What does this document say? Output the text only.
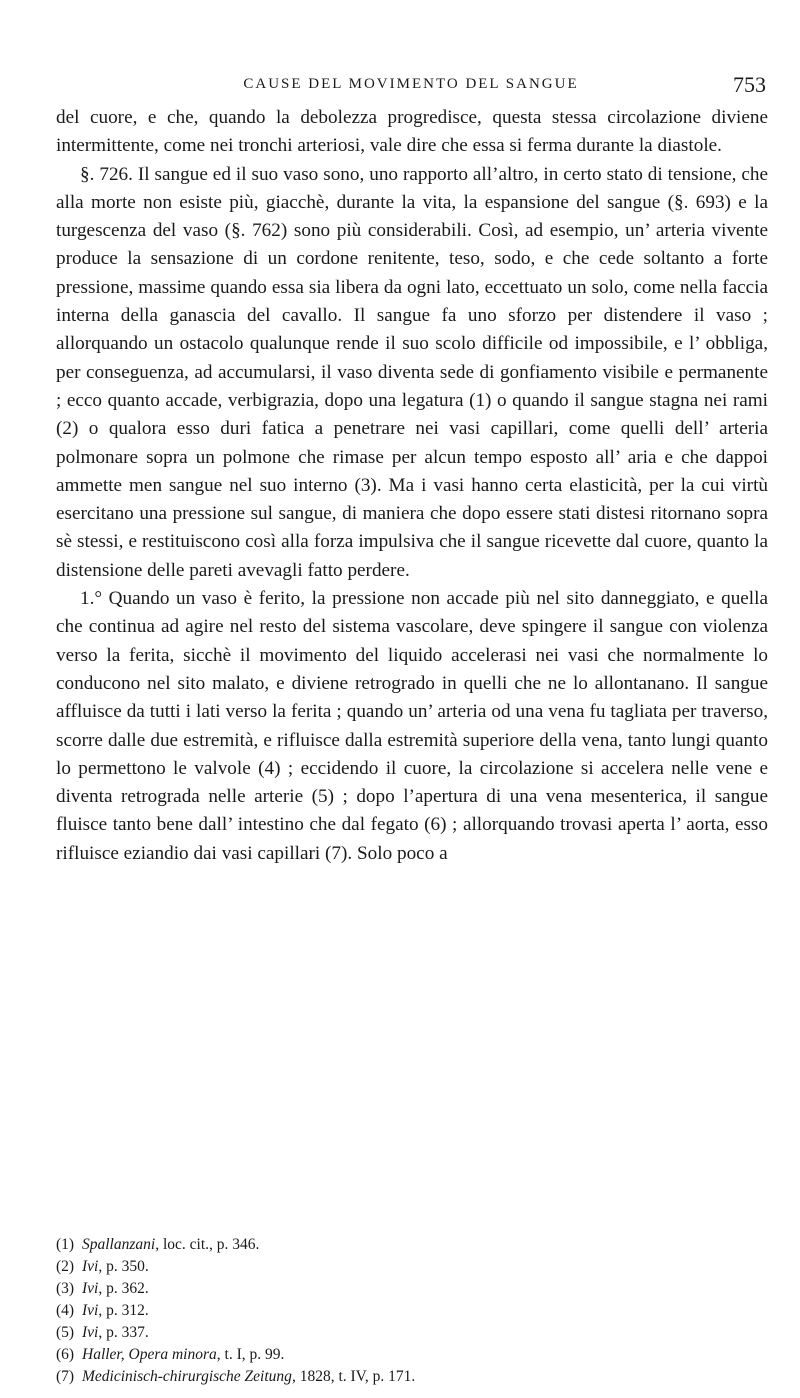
CAUSE DEL MOVIMENTO DEL SANGUE	753

del cuore, e che, quando la debolezza progredisce, questa stessa circolazione diviene intermittente, come nei tronchi arteriosi, vale dire che essa si ferma durante la diastole.

§. 726. Il sangue ed il suo vaso sono, uno rapporto all’altro, in certo stato di tensione, che alla morte non esiste più, giacchè, durante la vita, la espansione del sangue (§. 693) e la turgescenza del vaso (§. 762) sono più considerabili. Così, ad esempio, un’ arteria vivente produce la sensazione di un cordone renitente, teso, sodo, e che cede soltanto a forte pressione, massime quando essa sia libera da ogni lato, eccettuato un solo, come nella faccia interna della ganascia del cavallo. Il sangue fa uno sforzo per distendere il vaso ; allorquando un ostacolo qualunque rende il suo scolo difficile od impossibile, e l’ obbliga, per conseguenza, ad accumularsi, il vaso diventa sede di gonfiamento visibile e permanente ; ecco quanto accade, verbigrazia, dopo una legatura (1) o quando il sangue stagna nei rami (2) o qualora esso duri fatica a penetrare nei vasi capillari, come quelli dell’ arteria polmonare sopra un polmone che rimase per alcun tempo esposto all’ aria e che dappoi ammette men sangue nel suo interno (3). Ma i vasi hanno certa elasticità, per la cui virtù esercitano una pressione sul sangue, di maniera che dopo essere stati distesi ritornano sopra sè stessi, e restituiscono così alla forza impulsiva che il sangue ricevette dal cuore, quanto la distensione delle pareti avevagli fatto perdere.

1.° Quando un vaso è ferito, la pressione non accade più nel sito danneggiato, e quella che continua ad agire nel resto del sistema vascolare, deve spingere il sangue con violenza verso la ferita, sicchè il movimento del liquido accelerasi nei vasi che normalmente lo conducono nel sito malato, e diviene retrogrado in quelli che ne lo allontanano. Il sangue affluisce da tutti i lati verso la ferita ; quando un’ arteria od una vena fu tagliata per traverso, scorre dalle due estremità, e rifluisce dalla estremità superiore della vena, tanto lungi quanto lo permettono le valvole (4) ; eccidendo il cuore, la circolazione si accelera nelle vene e diventa retrograda nelle arterie (5) ; dopo l’apertura di una vena mesenterica, il sangue fluisce tanto bene dall’ intestino che dal fegato (6) ; allorquando trovasi aperta l’ aorta, esso rifluisce eziandio dai vasi capillari (7). Solo poco a

(1) Spallanzani, loc. cit., p. 346.
(2) Ivi, p. 350.
(3) Ivi, p. 362.
(4) Ivi, p. 312.
(5) Ivi, p. 337.
(6) Haller, Opera minora, t. I, p. 99.
(7) Medicinisch-chirurgische Zeitung, 1828, t. IV, p. 171.
